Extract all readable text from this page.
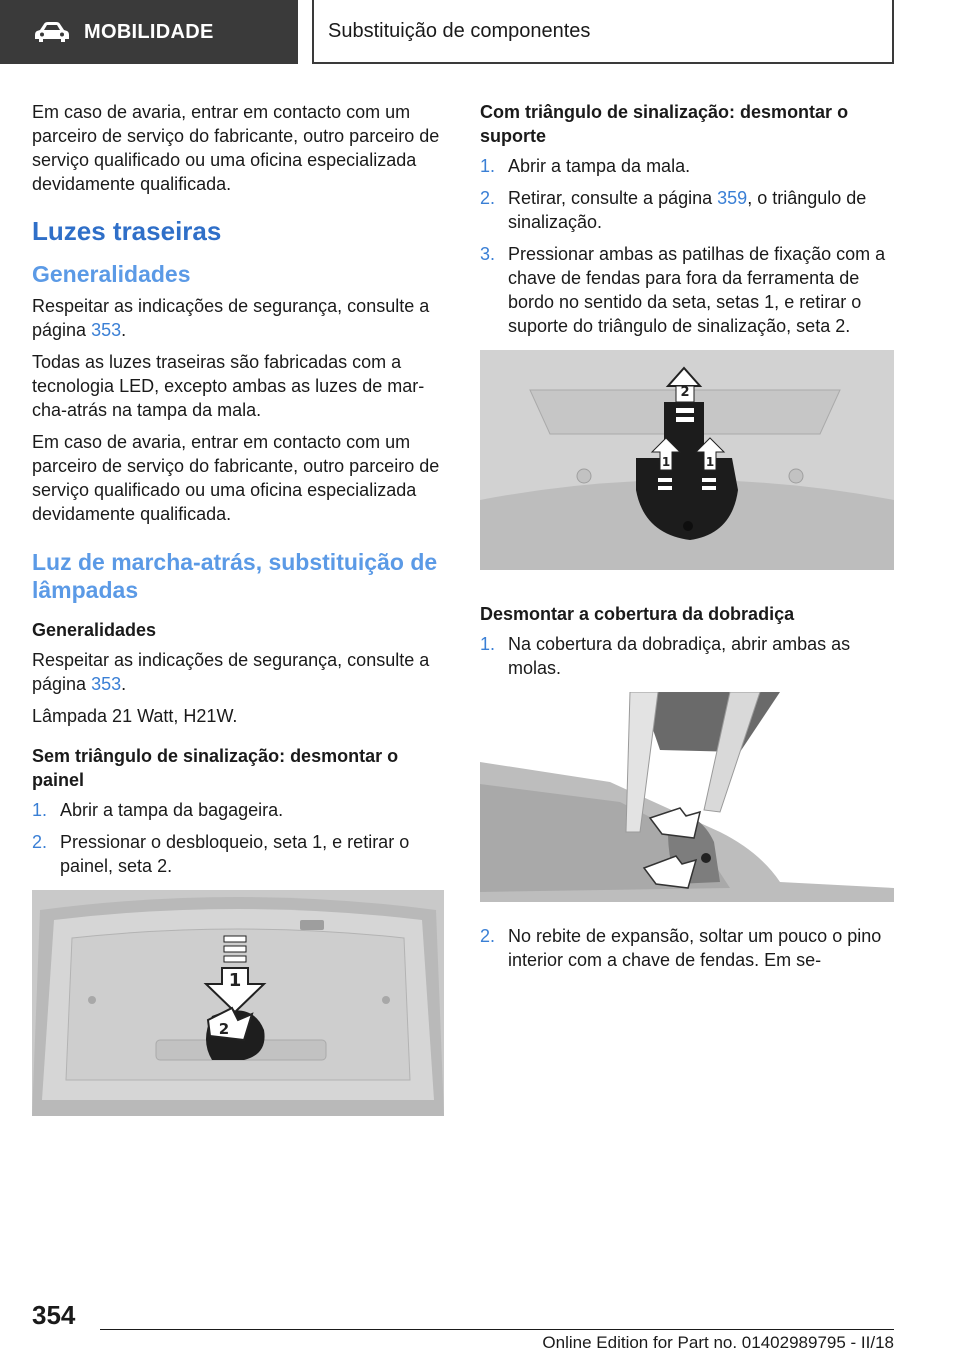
MOBILIDADE	Substituição de componentes

Em caso de avaria, entrar em contacto com um parceiro de serviço do fabricante, outro parceiro de serviço qualificado ou uma oficina especializada devidamente qualificada.

Luzes traseiras
Generalidades

Respeitar as indicações de segurança, consulte a página 353.

Todas as luzes traseiras são fabricadas com a tecnologia LED, excepto ambas as luzes de marcha-atrás na tampa da mala.

Em caso de avaria, entrar em contacto com um parceiro de serviço do fabricante, outro parceiro de serviço qualificado ou uma oficina especializada devidamente qualificada.

Luz de marcha-atrás, substituição de lâmpadas
Generalidades

Respeitar as indicações de segurança, consulte a página 353.

Lâmpada 21 Watt, H21W.

Sem triângulo de sinalização: desmontar o painel
1. Abrir a tampa da bagageira.
2. Pressionar o desbloqueio, seta 1, e retirar o painel, seta 2.
1
2
Com triângulo de sinalização: desmontar o suporte
1. Abrir a tampa da mala.
2. Retirar, consulte a página 359, o triângulo de sinalização.
3. Pressionar ambas as patilhas de fixação com a chave de fendas para fora da ferramenta de bordo no sentido da seta, setas 1, e retirar o suporte do triângulo de sinalização, seta 2.
2
1	1
Desmontar a cobertura da dobradiça
1. Na cobertura da dobradiça, abrir ambas as molas.
2. No rebite de expansão, soltar um pouco o pino interior com a chave de fendas. Em se-
354
Online Edition for Part no. 01402989795 - II/18
